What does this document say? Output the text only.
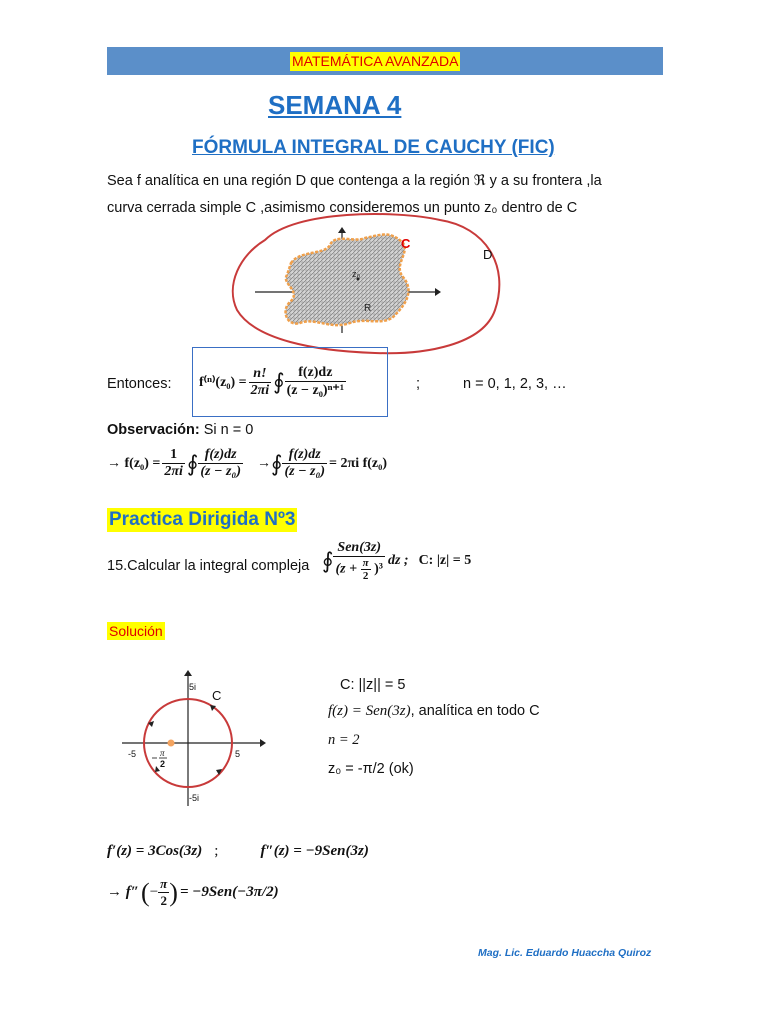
MATEMÁTICA AVANZADA
SEMANA 4
FÓRMULA INTEGRAL DE CAUCHY (FIC)
Sea f analítica en una región D que contenga a la región ℜ y a su frontera ,la
curva cerrada simple C ,asimismo consideremos un punto z₀ dentro de C
z₀
R
C
D
Entonces: $f^{(n)}(z_0) = \frac{n!}{2\pi i}$ ∮ $\frac{f(z)dz}{\text{(z − z₀)ⁿ⁺¹}}$	;	n = 0, 1, 2, 3, …
Observación: Si n = 0
→ $f(z_0) = \frac{1}{2\pi i}$ ∮ $\frac{f(z)dz}{\text{(z − z₀)}}$ → ∮ $\frac{f(z)dz}{\text{(z − z₀)}} = 2\pi i$ f(z₀)
Practica Dirigida Nº3
15.Calcular la integral compleja ∮ $\frac{\text{Sen(3z)}}{(z + \frac{\pi}{2} )^3}$ dz ; C: |z| = 5
Solución
C
5i
-5i
5
-5	π
2
C: ||z|| = 5
f(z) = Sen(3z), analítica en todo C
n = 2
z₀ = -π/2 (ok)
f′(z) = 3Cos(3z) ;	f″(z) = −9Sen(3z)
→ f″ ( − $\frac{\pi}{2}$ ) = −9Sen(−3π/2)
Mag. Lic. Eduardo Huaccha Quiroz
